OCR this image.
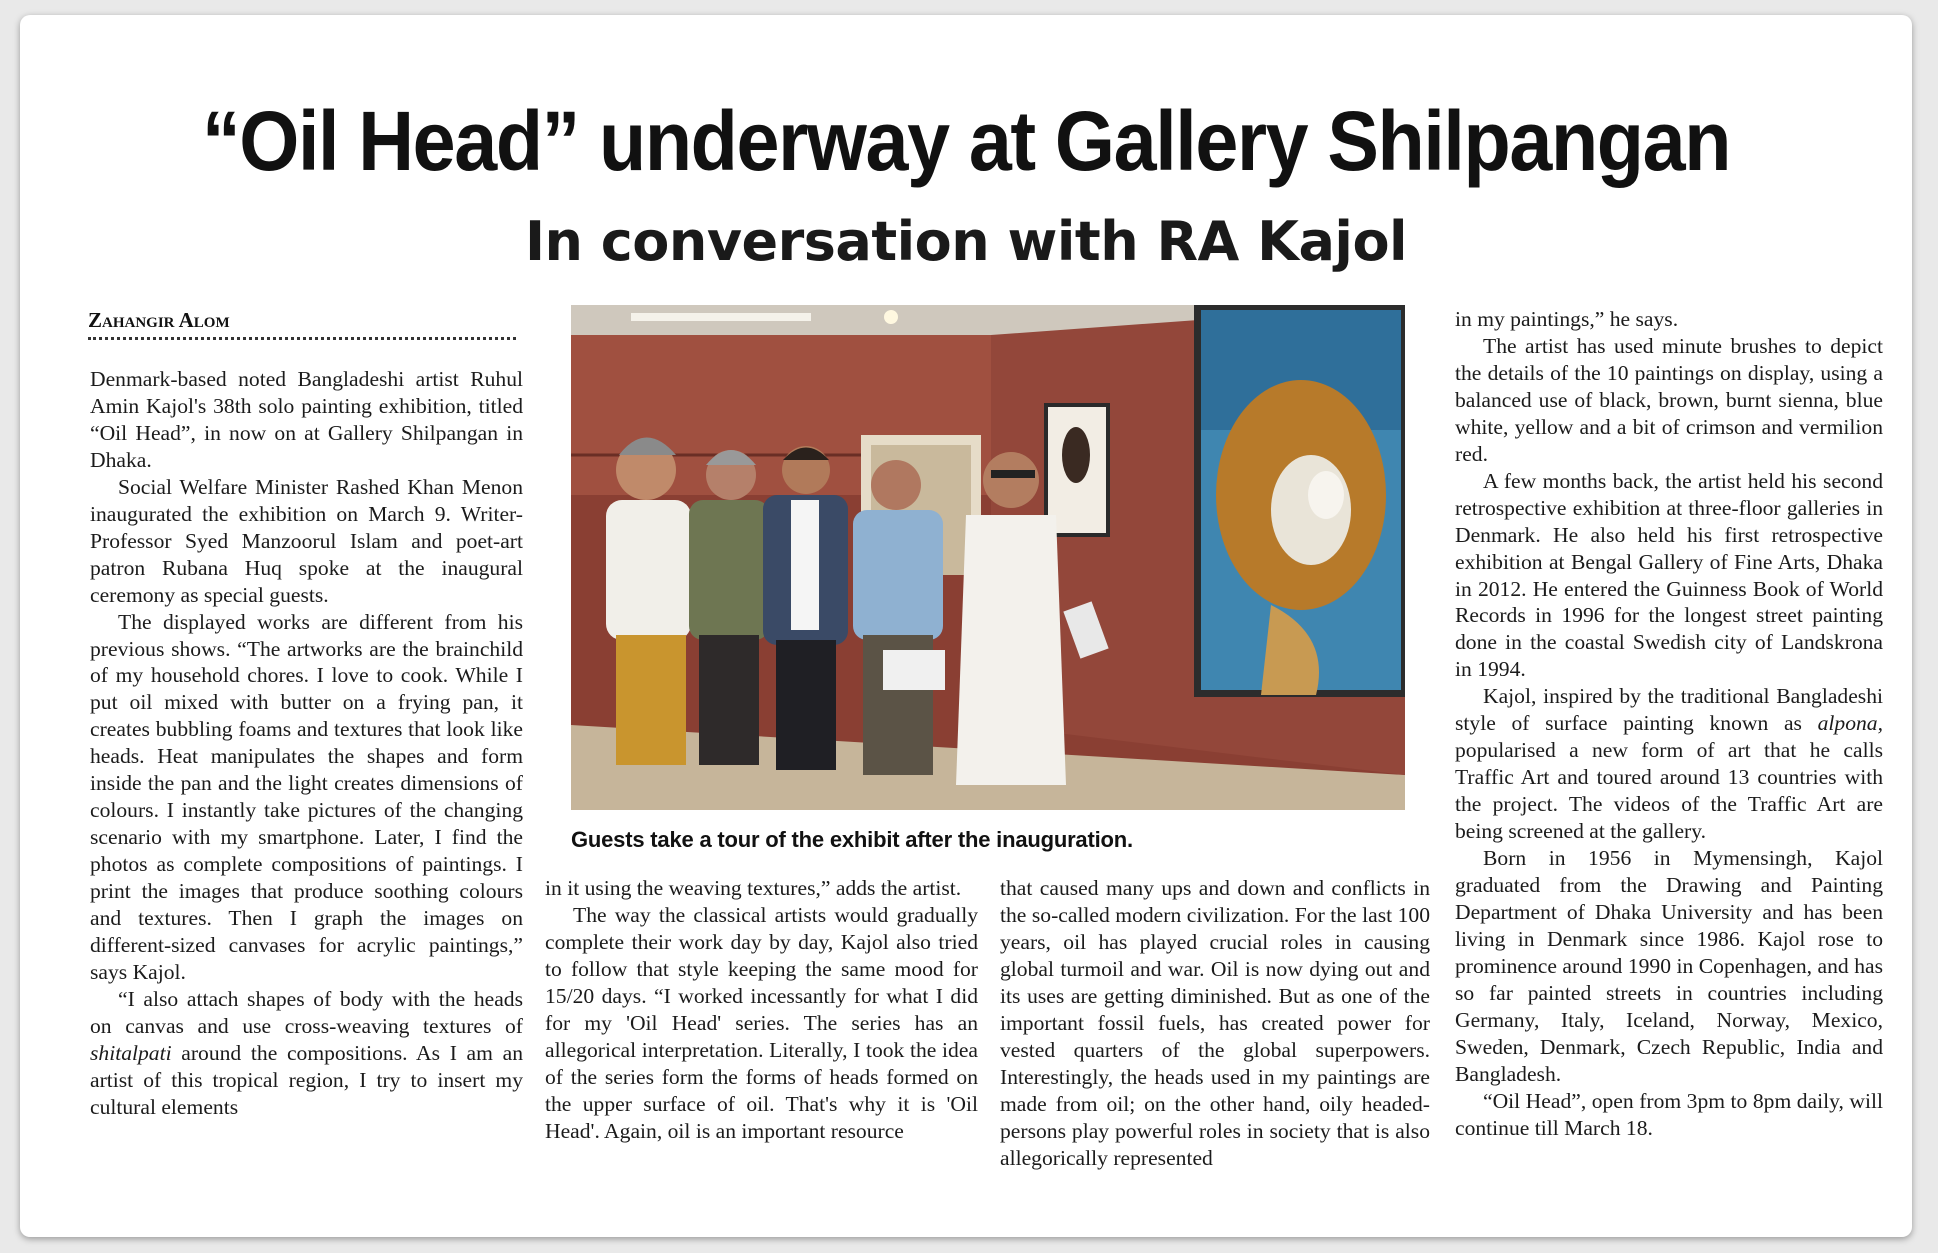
“Oil Head” underway at Gallery Shilpangan
In conversation with RA Kajol
Zahangir Alom

Denmark-based noted Bangladeshi artist Ruhul Amin Kajol's 38th solo painting exhibition, titled “Oil Head”, in now on at Gallery Shilpangan in Dhaka.

Social Welfare Minister Rashed Khan Menon inaugurated the exhibition on March 9. Writer-Professor Syed Manzoorul Islam and poet-art patron Rubana Huq spoke at the inaugural ceremony as special guests.

The displayed works are different from his previous shows. “The artworks are the brainchild of my household chores. I love to cook. While I put oil mixed with butter on a frying pan, it creates bubbling foams and textures that look like heads. Heat manipulates the shapes and form inside the pan and the light creates dimensions of colours. I instantly take pictures of the changing scenario with my smartphone. Later, I find the photos as complete compositions of paintings. I print the images that produce soothing colours and textures. Then I graph the images on different-sized canvases for acrylic paintings,” says Kajol.

“I also attach shapes of body with the heads on canvas and use cross-weaving textures of shitalpati around the compositions. As I am an artist of this tropical region, I try to insert my cultural elements

Guests take a tour of the exhibit after the inauguration.

in it using the weaving textures,” adds the artist.

The way the classical artists would gradually complete their work day by day, Kajol also tried to follow that style keeping the same mood for 15/20 days. “I worked incessantly for what I did for my 'Oil Head' series. The series has an allegorical interpretation. Literally, I took the idea of the series form the forms of heads formed on the upper surface of oil. That's why it is 'Oil Head'. Again, oil is an important resource

that caused many ups and down and conflicts in the so-called modern civilization. For the last 100 years, oil has played crucial roles in causing global turmoil and war. Oil is now dying out and its uses are getting diminished. But as one of the important fossil fuels, has created power for vested quarters of the global superpowers. Interestingly, the heads used in my paintings are made from oil; on the other hand, oily headed-persons play powerful roles in society that is also allegorically represented

in my paintings,” he says.

The artist has used minute brushes to depict the details of the 10 paintings on display, using a balanced use of black, brown, burnt sienna, blue white, yellow and a bit of crimson and vermilion red.

A few months back, the artist held his second retrospective exhibition at three-floor galleries in Denmark. He also held his first retrospective exhibition at Bengal Gallery of Fine Arts, Dhaka in 2012. He entered the Guinness Book of World Records in 1996 for the longest street painting done in the coastal Swedish city of Landskrona in 1994.

Kajol, inspired by the traditional Bangladeshi style of surface painting known as alpona, popularised a new form of art that he calls Traffic Art and toured around 13 countries with the project. The videos of the Traffic Art are being screened at the gallery.

Born in 1956 in Mymensingh, Kajol graduated from the Drawing and Painting Department of Dhaka University and has been living in Denmark since 1986. Kajol rose to prominence around 1990 in Copenhagen, and has so far painted streets in countries including Germany, Italy, Iceland, Norway, Mexico, Sweden, Denmark, Czech Republic, India and Bangladesh.

“Oil Head”, open from 3pm to 8pm daily, will continue till March 18.
